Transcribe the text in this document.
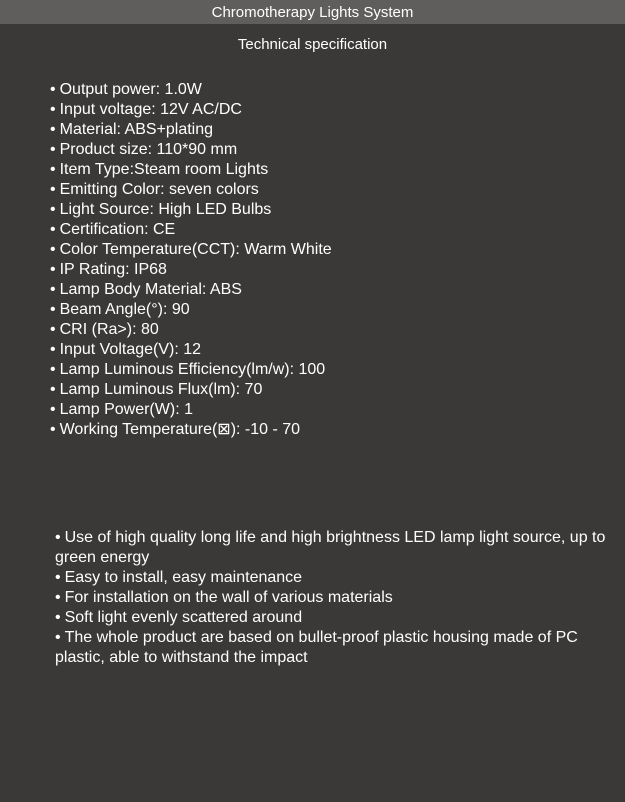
Chromotherapy Lights System
Technical specification
• Output power: 1.0W
• Input voltage: 12V AC/DC
• Material: ABS+plating
• Product size: 110*90 mm
• Item Type:Steam room Lights
• Emitting Color: seven colors
• Light Source: High LED Bulbs
• Certification: CE
• Color Temperature(CCT): Warm White
• IP Rating: IP68
• Lamp Body Material: ABS
• Beam Angle(°): 90
• CRI (Ra>): 80
• Input Voltage(V): 12
• Lamp Luminous Efficiency(lm/w): 100
• Lamp Luminous Flux(lm): 70
• Lamp Power(W): 1
• Working Temperature(⊠): -10 - 70
• Use of high quality long life and high brightness LED lamp light source, up to green energy
• Easy to install, easy maintenance
• For installation on the wall of various materials
• Soft light evenly scattered around
• The whole product are based on bullet-proof plastic housing made of PC plastic, able to withstand the impact
